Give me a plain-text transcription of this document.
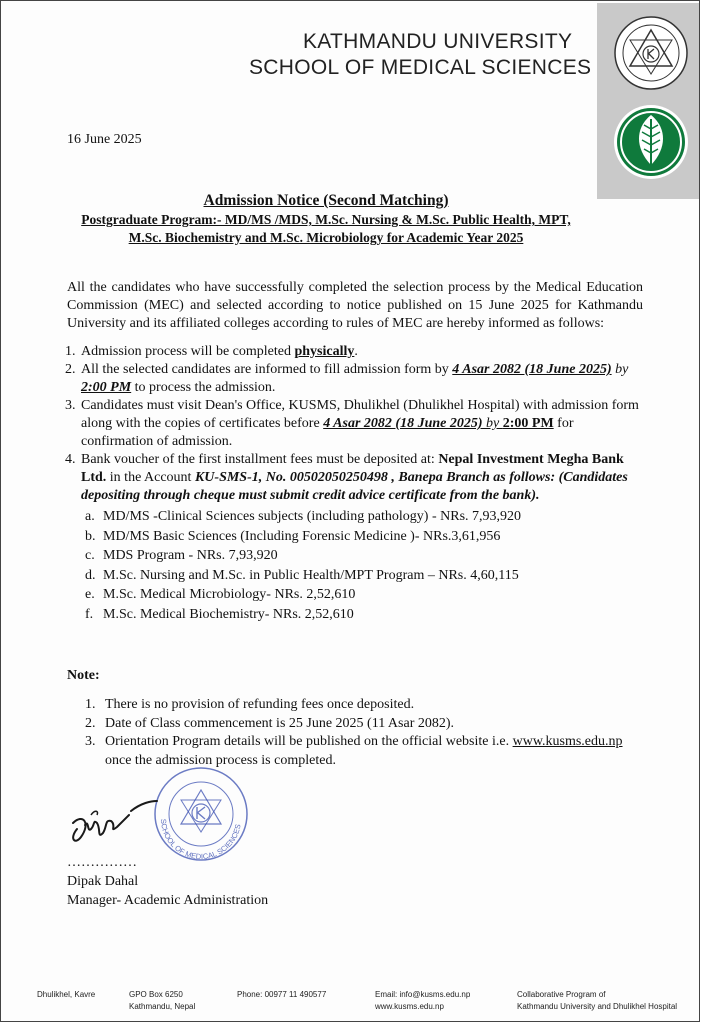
KATHMANDU UNIVERSITY
SCHOOL OF MEDICAL SCIENCES
16 June 2025
Admission Notice (Second Matching)
Postgraduate Program:- MD/MS /MDS, M.Sc. Nursing & M.Sc. Public Health, MPT,
M.Sc. Biochemistry and M.Sc. Microbiology for Academic Year 2025

All the candidates who have successfully completed the selection process by the Medical Education Commission (MEC) and selected according to notice published on 15 June 2025 for Kathmandu University and its affiliated colleges according to rules of MEC are hereby informed as follows:

1. Admission process will be completed physically.
2. All the selected candidates are informed to fill admission form by 4 Asar 2082 (18 June 2025) by 2:00 PM to process the admission.
3. Candidates must visit Dean's Office, KUSMS, Dhulikhel (Dhulikhel Hospital) with admission form along with the copies of certificates before 4 Asar 2082 (18 June 2025) by 2:00 PM for confirmation of admission.
4. Bank voucher of the first installment fees must be deposited at: Nepal Investment Megha Bank Ltd. in the Account KU-SMS-1, No. 00502050250498 , Banepa Branch as follows: (Candidates depositing through cheque must submit credit advice certificate from the bank).
a. MD/MS -Clinical Sciences subjects (including pathology) - NRs. 7,93,920
b. MD/MS Basic Sciences (Including Forensic Medicine )- NRs.3,61,956
c. MDS Program - NRs. 7,93,920
d. M.Sc. Nursing and M.Sc. in Public Health/MPT Program – NRs. 4,60,115
e. M.Sc. Medical Microbiology- NRs. 2,52,610
f. M.Sc. Medical Biochemistry- NRs. 2,52,610
Note:
1. There is no provision of refunding fees once deposited.
2. Date of Class commencement is 25 June 2025 (11 Asar 2082).
3. Orientation Program details will be published on the official website i.e. www.kusms.edu.np once the admission process is completed.
SCHOOL OF MEDICAL SCIENCES
……………
Dipak Dahal
Manager- Academic Administration
Dhulikhel, Kavre	GPO Box 6250
Kathmandu, Nepal
Phone: 00977 11 490577	Email: info@kusms.edu.np
www.kusms.edu.np
Collaborative Program of
Kathmandu University and Dhulikhel Hospital
